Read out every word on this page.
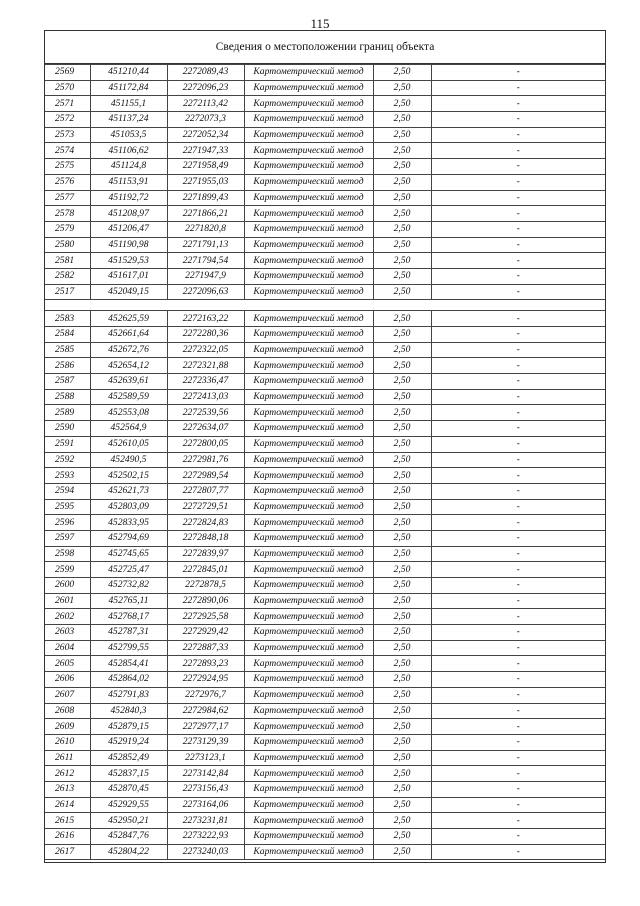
115
Сведения о местоположении границ объекта
2569	451210,44	2272089,43	Картометрический метод	2,50	-
2570	451172,84	2272096,23	Картометрический метод	2,50	-
2571	451155,1	2272113,42	Картометрический метод	2,50	-
2572	451137,24	2272073,3	Картометрический метод	2,50	-
2573	451053,5	2272052,34	Картометрический метод	2,50	-
2574	451106,62	2271947,33	Картометрический метод	2,50	-
2575	451124,8	2271958,49	Картометрический метод	2,50	-
2576	451153,91	2271955,03	Картометрический метод	2,50	-
2577	451192,72	2271899,43	Картометрический метод	2,50	-
2578	451208,97	2271866,21	Картометрический метод	2,50	-
2579	451206,47	2271820,8	Картометрический метод	2,50	-
2580	451190,98	2271791,13	Картометрический метод	2,50	-
2581	451529,53	2271794,54	Картометрический метод	2,50	-
2582	451617,01	2271947,9	Картометрический метод	2,50	-
2517	452049,15	2272096,63	Картометрический метод	2,50	-

2583	452625,59	2272163,22	Картометрический метод	2,50	-
2584	452661,64	2272280,36	Картометрический метод	2,50	-
2585	452672,76	2272322,05	Картометрический метод	2,50	-
2586	452654,12	2272321,88	Картометрический метод	2,50	-
2587	452639,61	2272336,47	Картометрический метод	2,50	-
2588	452589,59	2272413,03	Картометрический метод	2,50	-
2589	452553,08	2272539,56	Картометрический метод	2,50	-
2590	452564,9	2272634,07	Картометрический метод	2,50	-
2591	452610,05	2272800,05	Картометрический метод	2,50	-
2592	452490,5	2272981,76	Картометрический метод	2,50	-
2593	452502,15	2272989,54	Картометрический метод	2,50	-
2594	452621,73	2272807,77	Картометрический метод	2,50	-
2595	452803,09	2272729,51	Картометрический метод	2,50	-
2596	452833,95	2272824,83	Картометрический метод	2,50	-
2597	452794,69	2272848,18	Картометрический метод	2,50	-
2598	452745,65	2272839,97	Картометрический метод	2,50	-
2599	452725,47	2272845,01	Картометрический метод	2,50	-
2600	452732,82	2272878,5	Картометрический метод	2,50	-
2601	452765,11	2272890,06	Картометрический метод	2,50	-
2602	452768,17	2272925,58	Картометрический метод	2,50	-
2603	452787,31	2272929,42	Картометрический метод	2,50	-
2604	452799,55	2272887,33	Картометрический метод	2,50	-
2605	452854,41	2272893,23	Картометрический метод	2,50	-
2606	452864,02	2272924,95	Картометрический метод	2,50	-
2607	452791,83	2272976,7	Картометрический метод	2,50	-
2608	452840,3	2272984,62	Картометрический метод	2,50	-
2609	452879,15	2272977,17	Картометрический метод	2,50	-
2610	452919,24	2273129,39	Картометрический метод	2,50	-
2611	452852,49	2273123,1	Картометрический метод	2,50	-
2612	452837,15	2273142,84	Картометрический метод	2,50	-
2613	452870,45	2273156,43	Картометрический метод	2,50	-
2614	452929,55	2273164,06	Картометрический метод	2,50	-
2615	452950,21	2273231,81	Картометрический метод	2,50	-
2616	452847,76	2273222,93	Картометрический метод	2,50	-
2617	452804,22	2273240,03	Картометрический метод	2,50	-
